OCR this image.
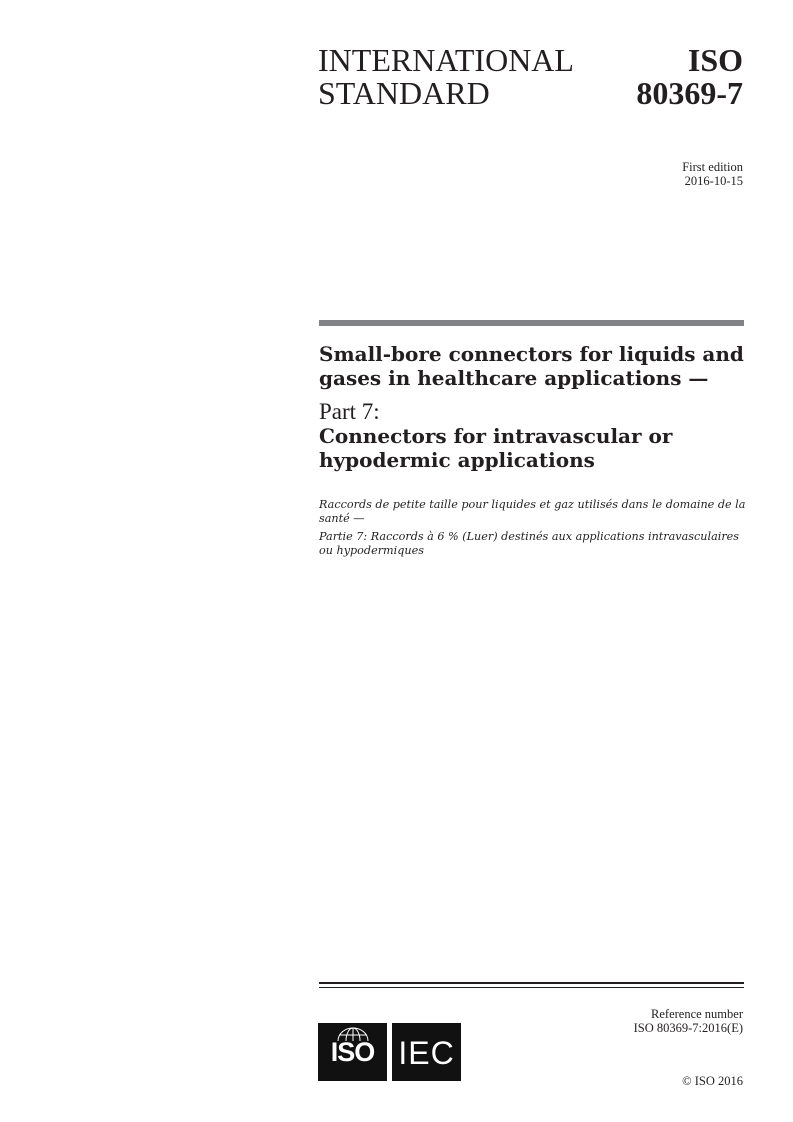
INTERNATIONAL
STANDARD
ISO
80369-7
First edition
2016-10-15
Small-bore connectors for liquids and gases in healthcare applications —
Part 7:
Connectors for intravascular or hypodermic applications

Raccords de petite taille pour liquides et gaz utilisés dans le domaine de la santé —

Partie 7: Raccords à 6 % (Luer) destinés aux applications intravasculaires ou hypodermiques

Reference number
ISO 80369-7:2016(E)
ISO IEC
© ISO 2016
